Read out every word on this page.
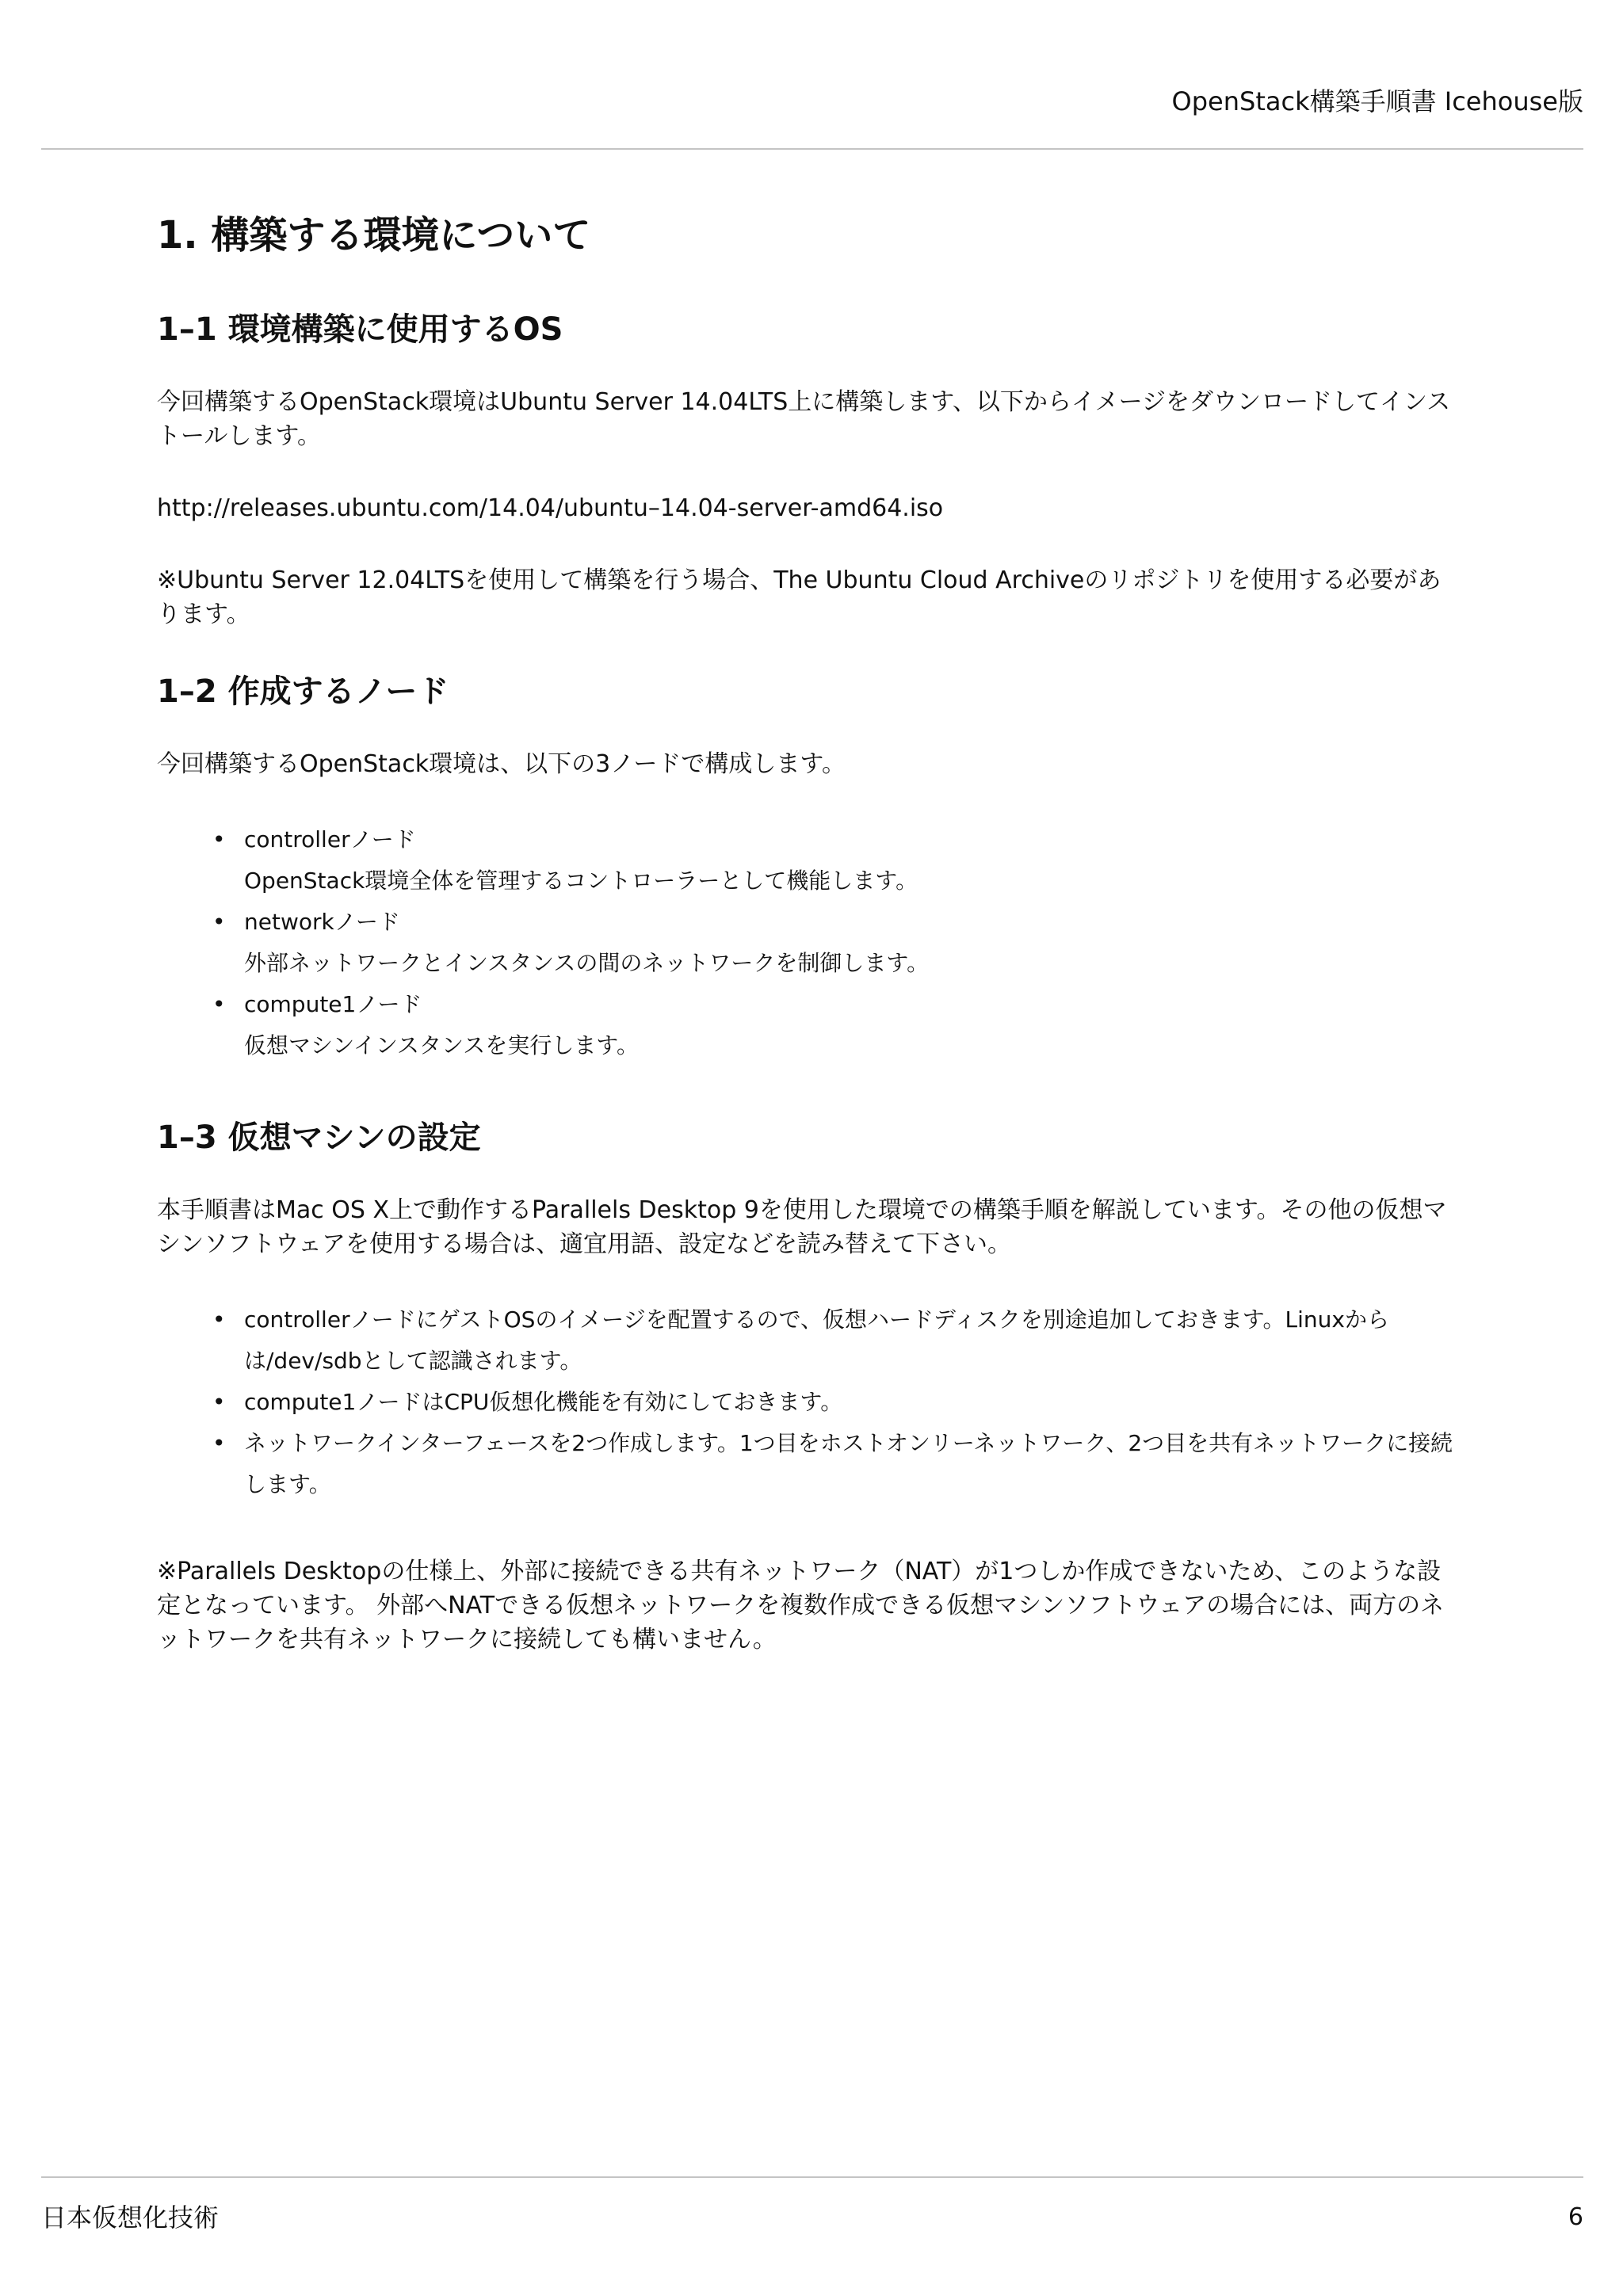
OpenStack構築手順書 Icehouse版
1. 構築する環境について
1–1 環境構築に使用するOS

今回構築するOpenStack環境はUbuntu Server 14.04LTS上に構築します、以下からイメージをダウンロードしてインストールします。

http://releases.ubuntu.com/14.04/ubuntu–14.04-server-amd64.iso

※Ubuntu Server 12.04LTSを使用して構築を行う場合、The Ubuntu Cloud Archiveのリポジトリを使用する必要があります。

1–2 作成するノード

今回構築するOpenStack環境は、以下の3ノードで構成します。

• controllerノード
OpenStack環境全体を管理するコントローラーとして機能します。
• networkノード
外部ネットワークとインスタンスの間のネットワークを制御します。
• compute1ノード
仮想マシンインスタンスを実行します。
1–3 仮想マシンの設定

本手順書はMac OS X上で動作するParallels Desktop 9を使用した環境での構築手順を解説しています。その他の仮想マシンソフトウェアを使用する場合は、適宜用語、設定などを読み替えて下さい。

• controllerノードにゲストOSのイメージを配置するので、仮想ハードディスクを別途追加しておきます。Linuxからは/dev/sdbとして認識されます。
• compute1ノードはCPU仮想化機能を有効にしておきます。
• ネットワークインターフェースを2つ作成します。1つ目をホストオンリーネットワーク、2つ目を共有ネットワークに接続します。

※Parallels Desktopの仕様上、外部に接続できる共有ネットワーク（NAT）が1つしか作成できないため、このような設定となっています。 外部へNATできる仮想ネットワークを複数作成できる仮想マシンソフトウェアの場合には、両方のネットワークを共有ネットワークに接続しても構いません。

日本仮想化技術	6
